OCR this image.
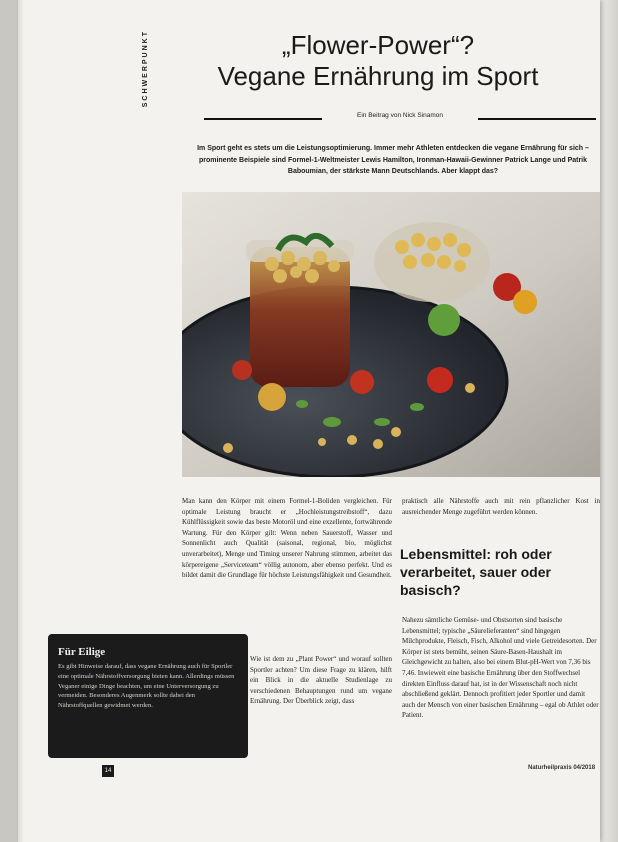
SCHWERPUNKT	„Flower-Power“?
Vegane Ernährung im Sport
Ein Beitrag von Nick Sinamon

Im Sport geht es stets um die Leistungsoptimierung. Immer mehr Athleten entdecken die vegane Ernährung für sich – prominente Beispiele sind Formel-1-Weltmeister Lewis Hamilton, Ironman-Hawaii-Gewinner Patrick Lange und Patrik Baboumian, der stärkste Mann Deutschlands. Aber klappt das?

Man kann den Körper mit einem Formel-1-Boliden vergleichen. Für optimale Leistung braucht er „Hochleistungstreibstoff“, dazu Kühlflüssigkeit sowie das beste Motoröl und eine exzellente, fortwährende Wartung. Für den Körper gilt: Wenn neben Sauerstoff, Wasser und Sonnenlicht auch Qualität (saisonal, regional, bio, möglichst unverarbeitet), Menge und Timing unserer Nahrung stimmen, arbeitet das körpereigene „Serviceteam“ völlig autonom, aber ebenso perfekt. Und es bildet damit die Grundlage für höchste Leistungsfähigkeit und Gesundheit.

Wie ist dem zu „Plant Power“ und worauf sollten Sportler achten? Um diese Frage zu klären, hilft ein Blick in die aktuelle Studienlage zu verschiedenen Behauptungen rund um vegane Ernährung. Der Überblick zeigt, dass

praktisch alle Nährstoffe auch mit rein pflanzlicher Kost in ausreichender Menge zugeführt werden können.

Lebensmittel: roh oder verarbeitet, sauer oder basisch?

Nahezu sämtliche Gemüse- und Obstsorten sind basische Lebensmittel; typische „Säurelieferanten“ sind hingegen Milchprodukte, Fleisch, Fisch, Alkohol und viele Getreidesorten. Der Körper ist stets bemüht, seinen Säure-Basen-Haushalt im Gleichgewicht zu halten, also bei einem Blut-pH-Wert von 7,36 bis 7,46. Inwieweit eine basische Ernährung über den Stoffwechsel direkten Einfluss darauf hat, ist in der Wissenschaft noch nicht abschließend geklärt. Dennoch profitiert jeder Sportler und damit auch der Mensch von einer basischen Ernährung – egal ob Athlet oder Patient.

Für Eilige

Es gibt Hinweise darauf, dass vegane Ernährung auch für Sportler eine optimale Nährstoffversorgung bieten kann. Allerdings müssen Veganer einige Dinge beachten, um eine Unterversorgung zu vermeiden. Besonderes Augenmerk sollte dabei den Nährstoffquellen gewidmet werden.

14	Naturheilpraxis 04/2018
